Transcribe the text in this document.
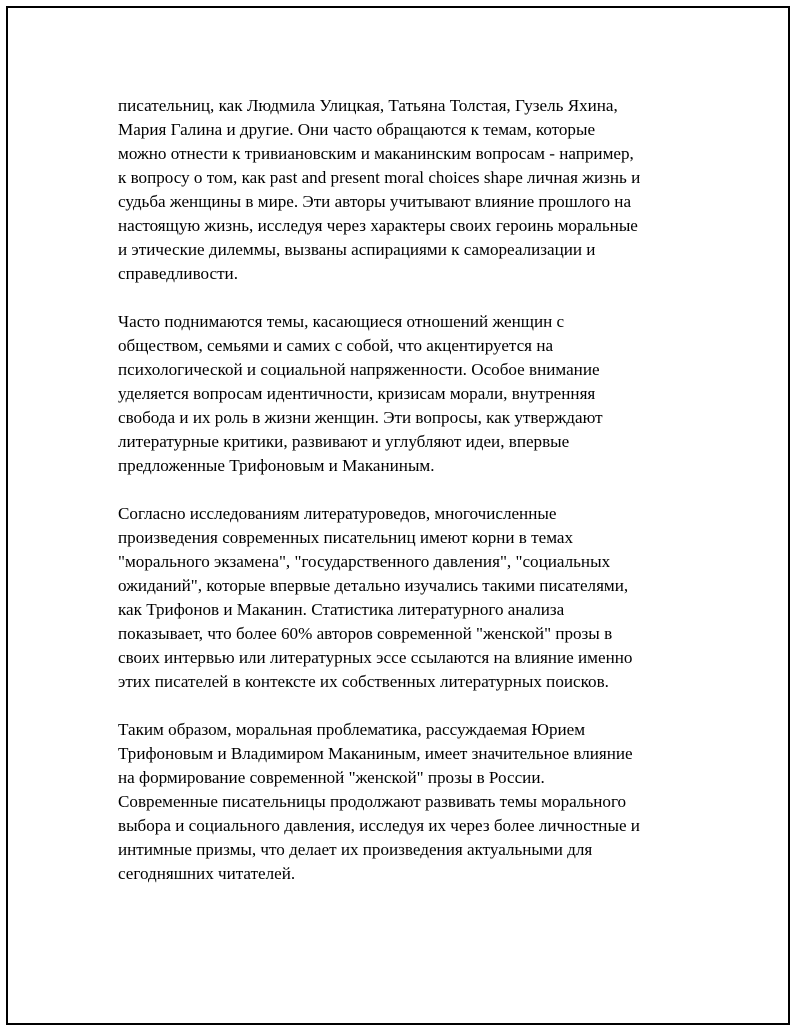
писательниц, как Людмила Улицкая, Татьяна Толстая, Гузель Яхина,
Мария Галина и другие. Они часто обращаются к темам, которые
можно отнести к тривиановским и маканинским вопросам - например,
к вопросу о том, как past and present moral choices shape личная жизнь и
судьба женщины в мире. Эти авторы учитывают влияние прошлого на
настоящую жизнь, исследуя через характеры своих героинь моральные
и этические дилеммы, вызваны аспирациями к самореализации и
справедливости.

Часто поднимаются темы, касающиеся отношений женщин с
обществом, семьями и самих с собой, что акцентируется на
психологической и социальной напряженности. Особое внимание
уделяется вопросам идентичности, кризисам морали, внутренняя
свобода и их роль в жизни женщин. Эти вопросы, как утверждают
литературные критики, развивают и углубляют идеи, впервые
предложенные Трифоновым и Маканиным.

Согласно исследованиям литературоведов, многочисленные
произведения современных писательниц имеют корни в темах
"морального экзамена", "государственного давления", "социальных
ожиданий", которые впервые детально изучались такими писателями,
как Трифонов и Маканин. Статистика литературного анализа
показывает, что более 60% авторов современной "женской" прозы в
своих интервью или литературных эссе ссылаются на влияние именно
этих писателей в контексте их собственных литературных поисков.

Таким образом, моральная проблематика, рассуждаемая Юрием
Трифоновым и Владимиром Маканиным, имеет значительное влияние
на формирование современной "женской" прозы в России.
Современные писательницы продолжают развивать темы морального
выбора и социального давления, исследуя их через более личностные и
интимные призмы, что делает их произведения актуальными для
сегодняшних читателей.
